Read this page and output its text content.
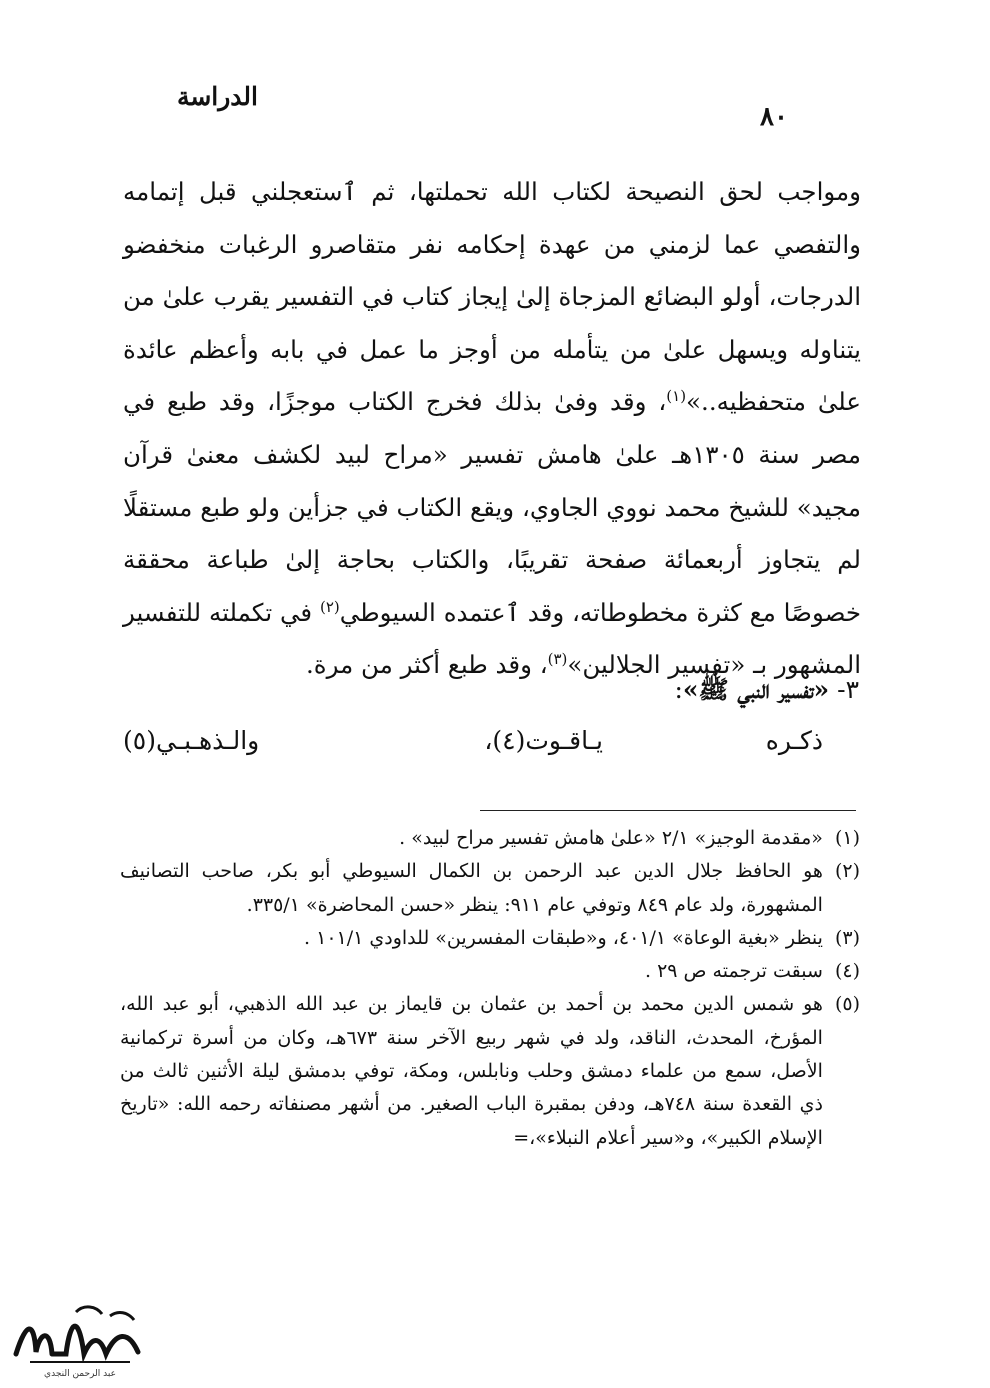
الدراسة
٨٠

ومواجب لحق النصيحة لكتاب الله تحملتها، ثم ٱستعجلني قبل إتمامه والتفصي عما لزمني من عهدة إحكامه نفر متقاصرو الرغبات منخفضو الدرجات، أولو البضائع المزجاة إلىٰ إيجاز كتاب في التفسير يقرب علىٰ من يتناوله ويسهل علىٰ من يتأمله من أوجز ما عمل في بابه وأعظم عائدة علىٰ متحفظيه..»$^{(١)}$، وقد وفىٰ بذلك فخرج الكتاب موجزًا، وقد طبع في مصر سنة ١٣٠٥هـ علىٰ هامش تفسير «مراح لبيد لكشف معنىٰ قرآن مجيد» للشيخ محمد نووي الجاوي، ويقع الكتاب في جزأين ولو طبع مستقلًا لم يتجاوز أربعمائة صفحة تقريبًا، والكتاب بحاجة إلىٰ طباعة محققة خصوصًا مع كثرة مخطوطاته، وقد ٱعتمده السيوطي$^{(٢)}$ في تكملته للتفسير المشهور بـ «تفسير الجلالين»$^{(٣)}$، وقد طبع أكثر من مرة.

٣- «تفسير النبي ﷺ»:
ذكـره
يـاقـوت(٤)،
والـذهـبـي(٥)
(١)
«مقدمة الوجيز» ٢/١ «علىٰ هامش تفسير مراح لبيد» .
(٢)
هو الحافظ جلال الدين عبد الرحمن بن الكمال السيوطي أبو بكر، صاحب التصانيف المشهورة، ولد عام ٨٤٩ وتوفي عام ٩١١: ينظر «حسن المحاضرة» ٣٣٥/١.
(٣)
ينظر «بغية الوعاة» ٤٠١/١، و«طبقات المفسرين» للداودي ١٠١/١ .
(٤)
سبقت ترجمته ص ٢٩ .
(٥)
هو شمس الدين محمد بن أحمد بن عثمان بن قايماز بن عبد الله الذهبي، أبو عبد الله، المؤرخ، المحدث، الناقد، ولد في شهر ربيع الآخر سنة ٦٧٣هـ، وكان من أسرة تركمانية الأصل، سمع من علماء دمشق وحلب ونابلس، ومكة، توفي بدمشق ليلة الأثنين ثالث من ذي القعدة سنة ٧٤٨هـ، ودفن بمقبرة الباب الصغير. من أشهر مصنفاته رحمه الله: «تاريخ الإسلام الكبير»، و«سير أعلام النبلاء»،=
عبد الرحمن النجدي
